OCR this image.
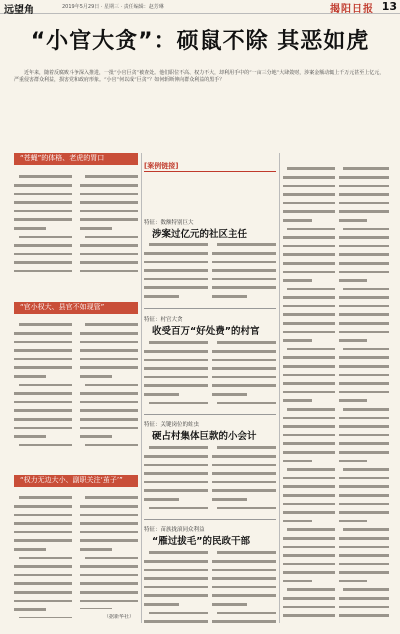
远望角	2019年5月29日 · 星期三 · 责任编辑：赵芳琳	揭阳日报 13
“小官大贪”：硕鼠不除 其恶如虎
近年来，随着反腐败斗争深入推进，一批“小官巨贪”被查处。他们职位不高、权力不大，却利用手中的“一亩三分地”大肆敛财，涉案金额动辄上千万元甚至上亿元，严重侵害群众利益，损害党和政府形象。“小官”何以成“巨贪”？如何斩断伸向群众利益的黑手？
“苍蝇”的体格、老虎的胃口
“官小权大、县官不如现管”
“权力无边大小、副职关注‘茧子’”
（据新华社）
[案例链接]
特征：数额特别巨大
涉案过亿元的社区主任
特征：村官大贪
收受百万“好处费”的村官
特征：关键岗位的蛀虫
硬占村集体巨款的小会计
特征：苗族拢滚同众利益
“雁过拔毛”的民政干部
